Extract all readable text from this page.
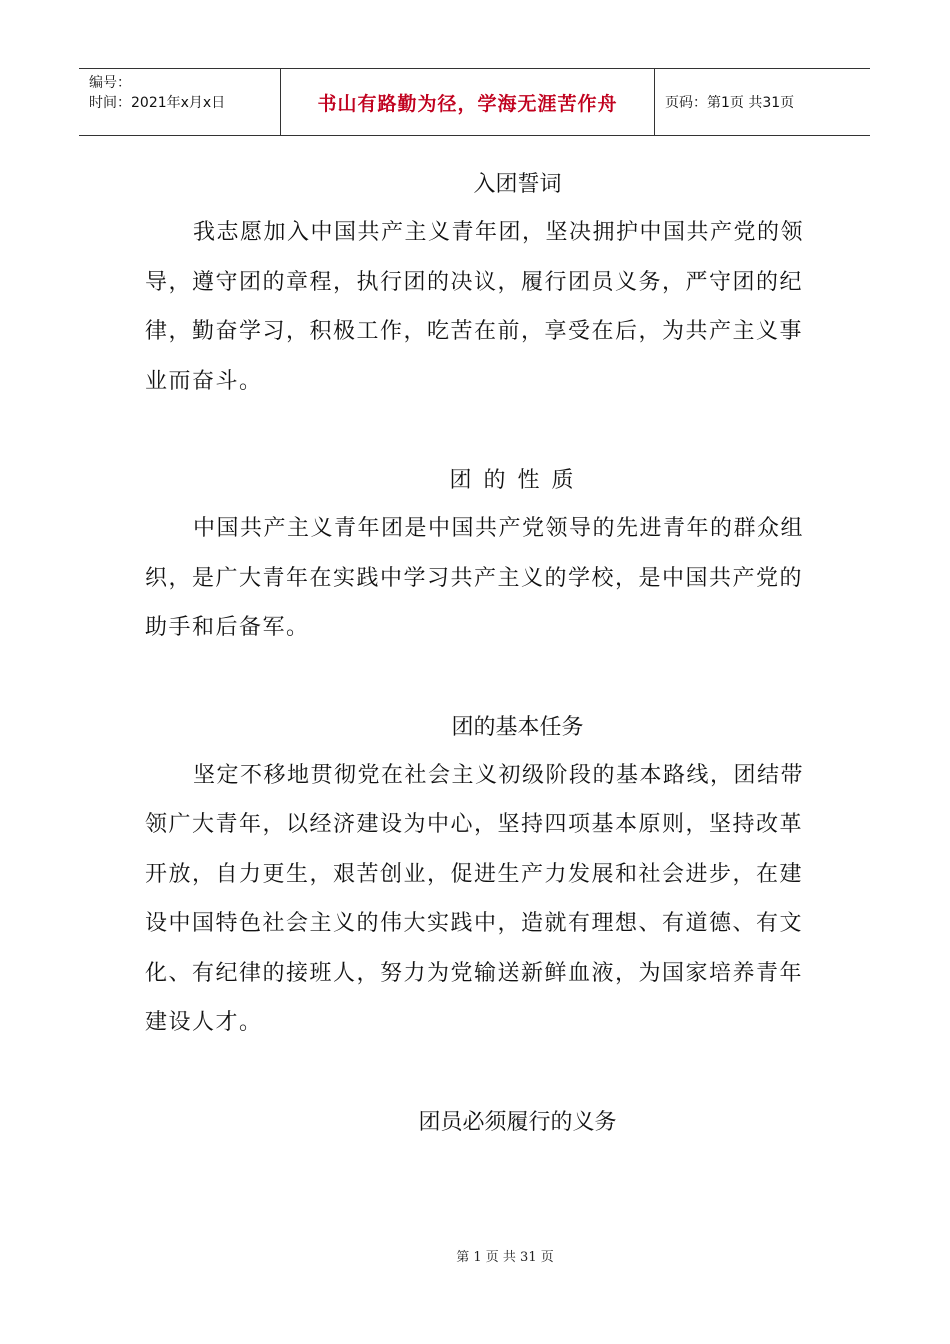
编号：
时间：2021年x月x日	书山有路勤为径，学海无涯苦作舟	页码：第1页 共31页
入团誓词

我志愿加入中国共产主义青年团，坚决拥护中国共产党的领导，遵守团的章程，执行团的决议，履行团员义务，严守团的纪律，勤奋学习，积极工作，吃苦在前，享受在后，为共产主义事业而奋斗。

团的性质

中国共产主义青年团是中国共产党领导的先进青年的群众组织，是广大青年在实践中学习共产主义的学校，是中国共产党的助手和后备军。

团的基本任务

坚定不移地贯彻党在社会主义初级阶段的基本路线，团结带领广大青年，以经济建设为中心，坚持四项基本原则，坚持改革开放，自力更生，艰苦创业，促进生产力发展和社会进步，在建设中国特色社会主义的伟大实践中，造就有理想、有道德、有文化、有纪律的接班人，努力为党输送新鲜血液，为国家培养青年建设人才。

团员必须履行的义务
第 1 页 共 31 页
